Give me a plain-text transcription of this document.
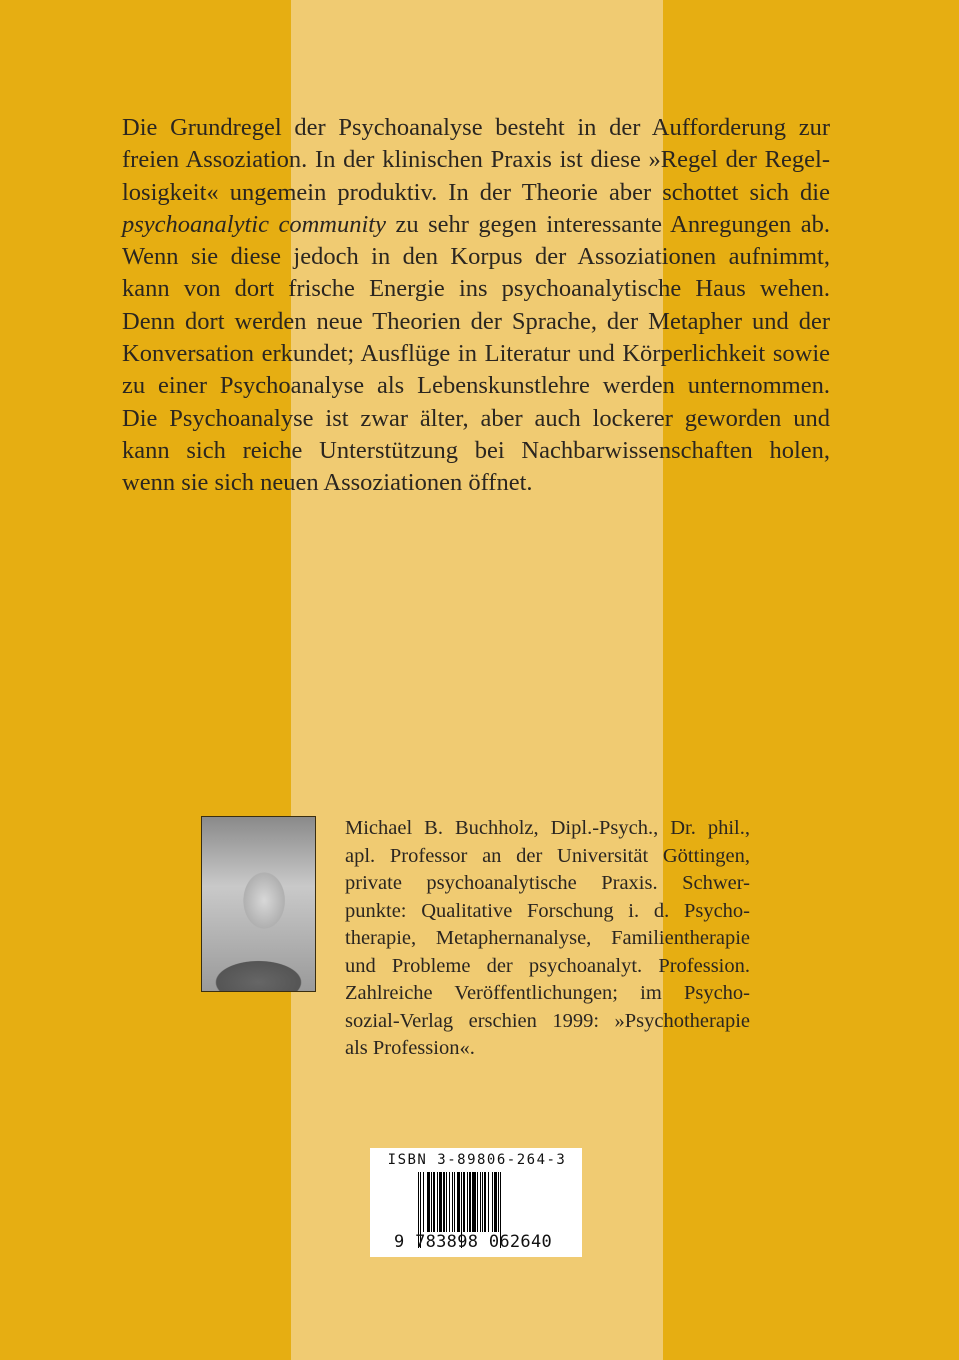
Die Grundregel der Psychoanalyse besteht in der Aufforderung zur
freien Assoziation. In der klinischen Praxis ist diese »Regel der Regel-
losigkeit« ungemein produktiv. In der Theorie aber schottet sich die
psychoanalytic community zu sehr gegen interessante Anregungen ab.
Wenn sie diese jedoch in den Korpus der Assoziationen aufnimmt,
kann von dort frische Energie ins psychoanalytische Haus wehen.
Denn dort werden neue Theorien der Sprache, der Metapher und der
Konversation erkundet; Ausflüge in Literatur und Körperlichkeit sowie
zu einer Psychoanalyse als Lebenskunstlehre werden unternommen.
Die Psychoanalyse ist zwar älter, aber auch lockerer geworden und
kann sich reiche Unterstützung bei Nachbarwissenschaften holen,
wenn sie sich neuen Assoziationen öffnet.
Michael B. Buchholz, Dipl.-Psych., Dr. phil.,
apl. Professor an der Universität Göttingen,
private psychoanalytische Praxis. Schwer-
punkte: Qualitative Forschung i. d. Psycho-
therapie, Metaphernanalyse, Familientherapie
und Probleme der psychoanalyt. Profession.
Zahlreiche Veröffentlichungen; im Psycho-
sozial-Verlag erschien 1999: »Psychotherapie
als Profession«.
ISBN 3-89806-264-3
9 783898 062640
